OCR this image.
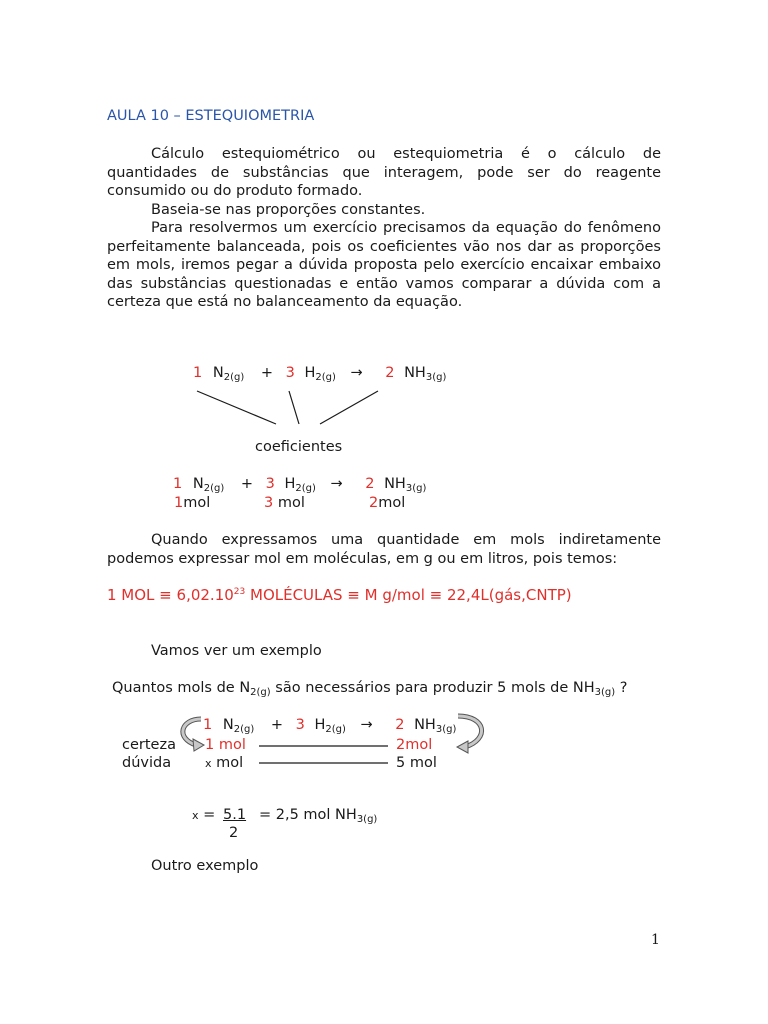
AULA 10 – ESTEQUIOMETRIA

Cálculo estequiométrico ou estequiometria é o cálculo de quantidades de substâncias que interagem, pode ser do reagente consumido ou do produto formado.

Baseia-se nas proporções constantes.

Para resolvermos um exercício precisamos da equação do fenômeno perfeitamente balanceada, pois os coeficientes vão nos dar as proporções em mols, iremos pegar a dúvida proposta pelo exercício encaixar embaixo das substâncias questionadas e então vamos comparar a dúvida com a certeza que está no balanceamento da equação.

1 $N_{2(g)} + 3$ $H_{2(g)} \to 2$ $NH_{3(g)}$
coeficientes
1 $N_{2(g)} + 3$ $H_{2(g)} \to 2$ $NH_{3(g)}$
1mol	3 mol	2mol

Quando expressamos uma quantidade em mols indiretamente podemos expressar mol em moléculas, em g ou em litros, pois temos:

1 MOL ≡ $6,02.10^{23}$ MOLÉCULAS ≡ M g/mol ≡ 22,4L(gás,CNTP)
Vamos ver um exemplo
Quantos mols de $N_{2(g)}$ são necessários para produzir 5 mols de $NH_{3(g)}$ ?
1 $N_{2(g)} + 3$ $H_{2(g)} \to 2$ $NH_{3(g)}$
certeza 1 mol	2mol
dúvida	x mol	5 mol
x = 5.1
2
= 2,5 mol $NH_{3(g)}$
Outro exemplo
1
